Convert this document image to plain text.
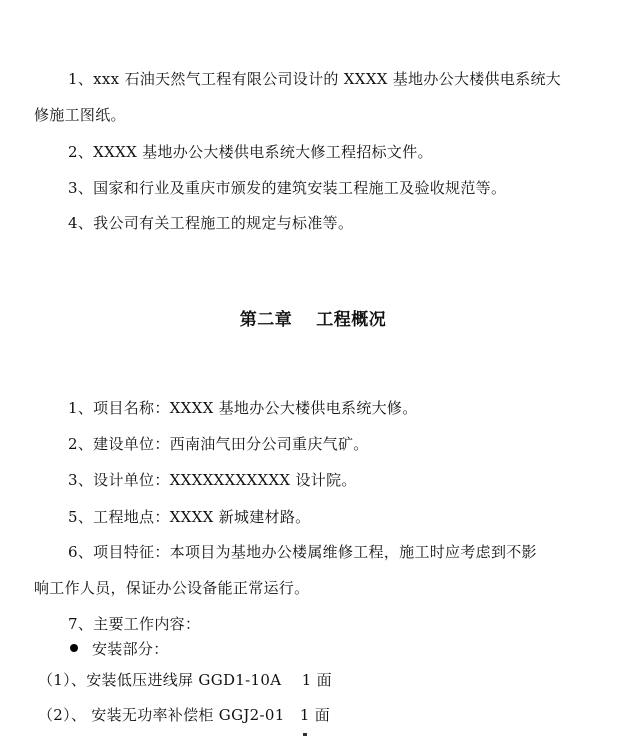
1、xxx 石油天然气工程有限公司设计的 XXXX 基地办公大楼供电系统大
修施工图纸。
2、XXXX 基地办公大楼供电系统大修工程招标文件。
3、国家和行业及重庆市颁发的建筑安装工程施工及验收规范等。
4、我公司有关工程施工的规定与标准等。
第二章　 工程概况
1、项目名称：XXXX 基地办公大楼供电系统大修。
2、建设单位：西南油气田分公司重庆气矿。
3、设计单位：XXXXXXXXXXX 设计院。
5、工程地点：XXXX 新城建材路。
6、项目特征：本项目为基地办公楼属维修工程，施工时应考虑到不影
响工作人员，保证办公设备能正常运行。
7、主要工作内容：
安装部分：
（1）、安装低压进线屏 GGD1-10A　 1 面
（2）、 安装无功率补偿柜 GGJ2-01　1 面
